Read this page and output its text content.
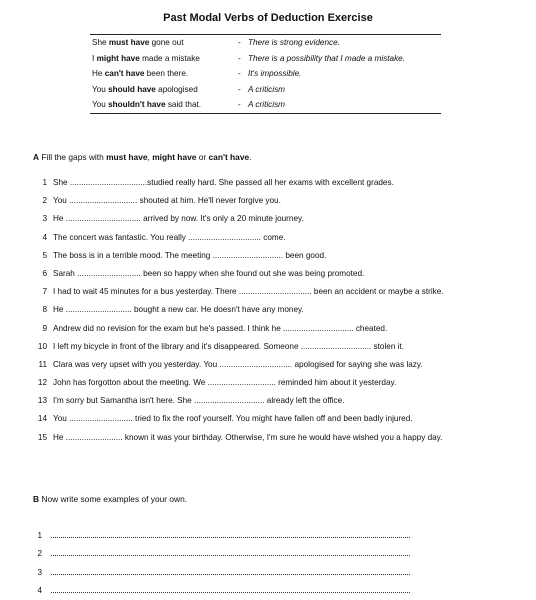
Past Modal Verbs of Deduction Exercise
She must have gone out	- There is strong evidence.
I might have made a mistake	- There is a possibility that I made a mistake.
He can't have been there.	- It's impossible.
You should have apologised	- A criticism
You shouldn't have said that.	- A criticism
A Fill the gaps with must have, might have or can't have.
1 She ..................................studied really hard. She passed all her exams with excellent grades.
2 You .............................. shouted at him. He'll never forgive you.
3 He ................................. arrived by now. It's only a 20 minute journey.
4 The concert was fantastic. You really ................................ come.
5 The boss is in a terrible mood. The meeting ............................... been good.
6 Sarah ............................ been so happy when she found out she was being promoted.
7 I had to wait 45 minutes for a bus yesterday. There ................................ been an accident or maybe a strike.
8 He ............................. bought a new car. He doesn't have any money.
9 Andrew did no revision for the exam but he's passed. I think he ............................... cheated.
10 I left my bicycle in front of the library and it's disappeared. Someone ............................... stolen it.
11 Clara was very upset with you yesterday. You ................................ apologised for saying she was lazy.
12 John has forgotton about the meeting. We .............................. reminded him about it yesterday.
13 I'm sorry but Samantha isn't here. She ............................... already left the office.
14 You ............................ tried to fix the roof yourself. You might have fallen off and been badly injured.
15 He ......................... known it was your birthday. Otherwise, I'm sure he would have wished you a happy day.
B Now write some examples of your own.
1
2
3
4
